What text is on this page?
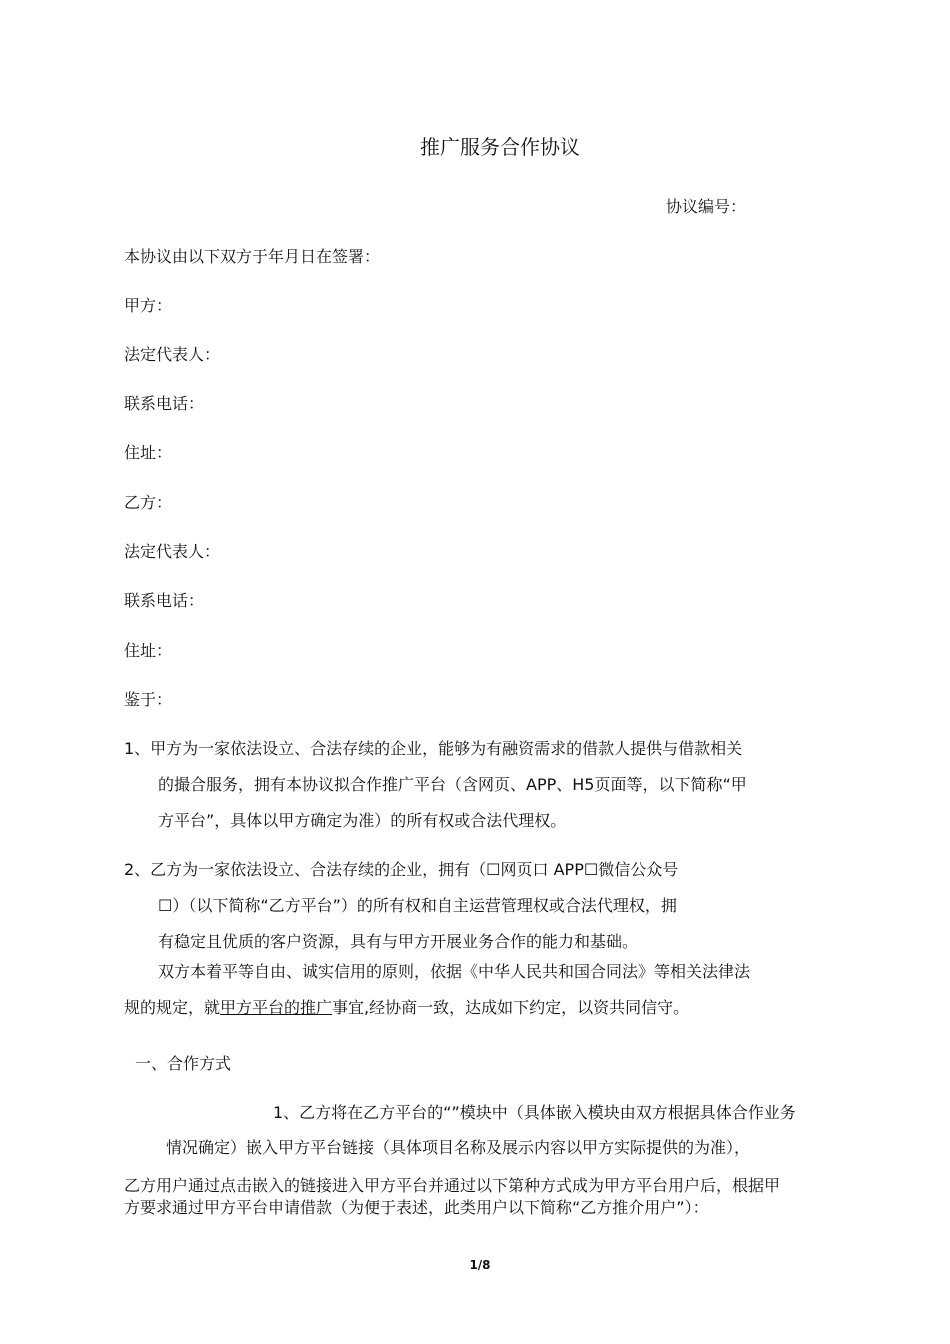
推广服务合作协议
协议编号：
本协议由以下双方于年月日在签署：
甲方：
法定代表人：
联系电话：
住址：
乙方：
法定代表人：
联系电话：
住址：
鉴于：
1、甲方为一家依法设立、合法存续的企业，能够为有融资需求的借款人提供与借款相关
的撮合服务，拥有本协议拟合作推广平台（含网页、APP、H5页面等，以下简称“甲
方平台”，具体以甲方确定为准）的所有权或合法代理权。
2、乙方为一家依法设立、合法存续的企业，拥有（☐网页口 APP☐微信公众号
☐）（以下简称“乙方平台”）的所有权和自主运营管理权或合法代理权，拥
有稳定且优质的客户资源，具有与甲方开展业务合作的能力和基础。
双方本着平等自由、诚实信用的原则，依据《中华人民共和国合同法》等相关法律法
规的规定，就甲方平台的推广事宜,经协商一致，达成如下约定，以资共同信守。
一、合作方式
1、乙方将在乙方平台的“”模块中（具体嵌入模块由双方根据具体合作业务
情况确定）嵌入甲方平台链接（具体项目名称及展示内容以甲方实际提供的为准），
乙方用户通过点击嵌入的链接进入甲方平台并通过以下第种方式成为甲方平台用户后，根据甲
方要求通过甲方平台申请借款（为便于表述，此类用户以下简称“乙方推介用户”）：
1/8
